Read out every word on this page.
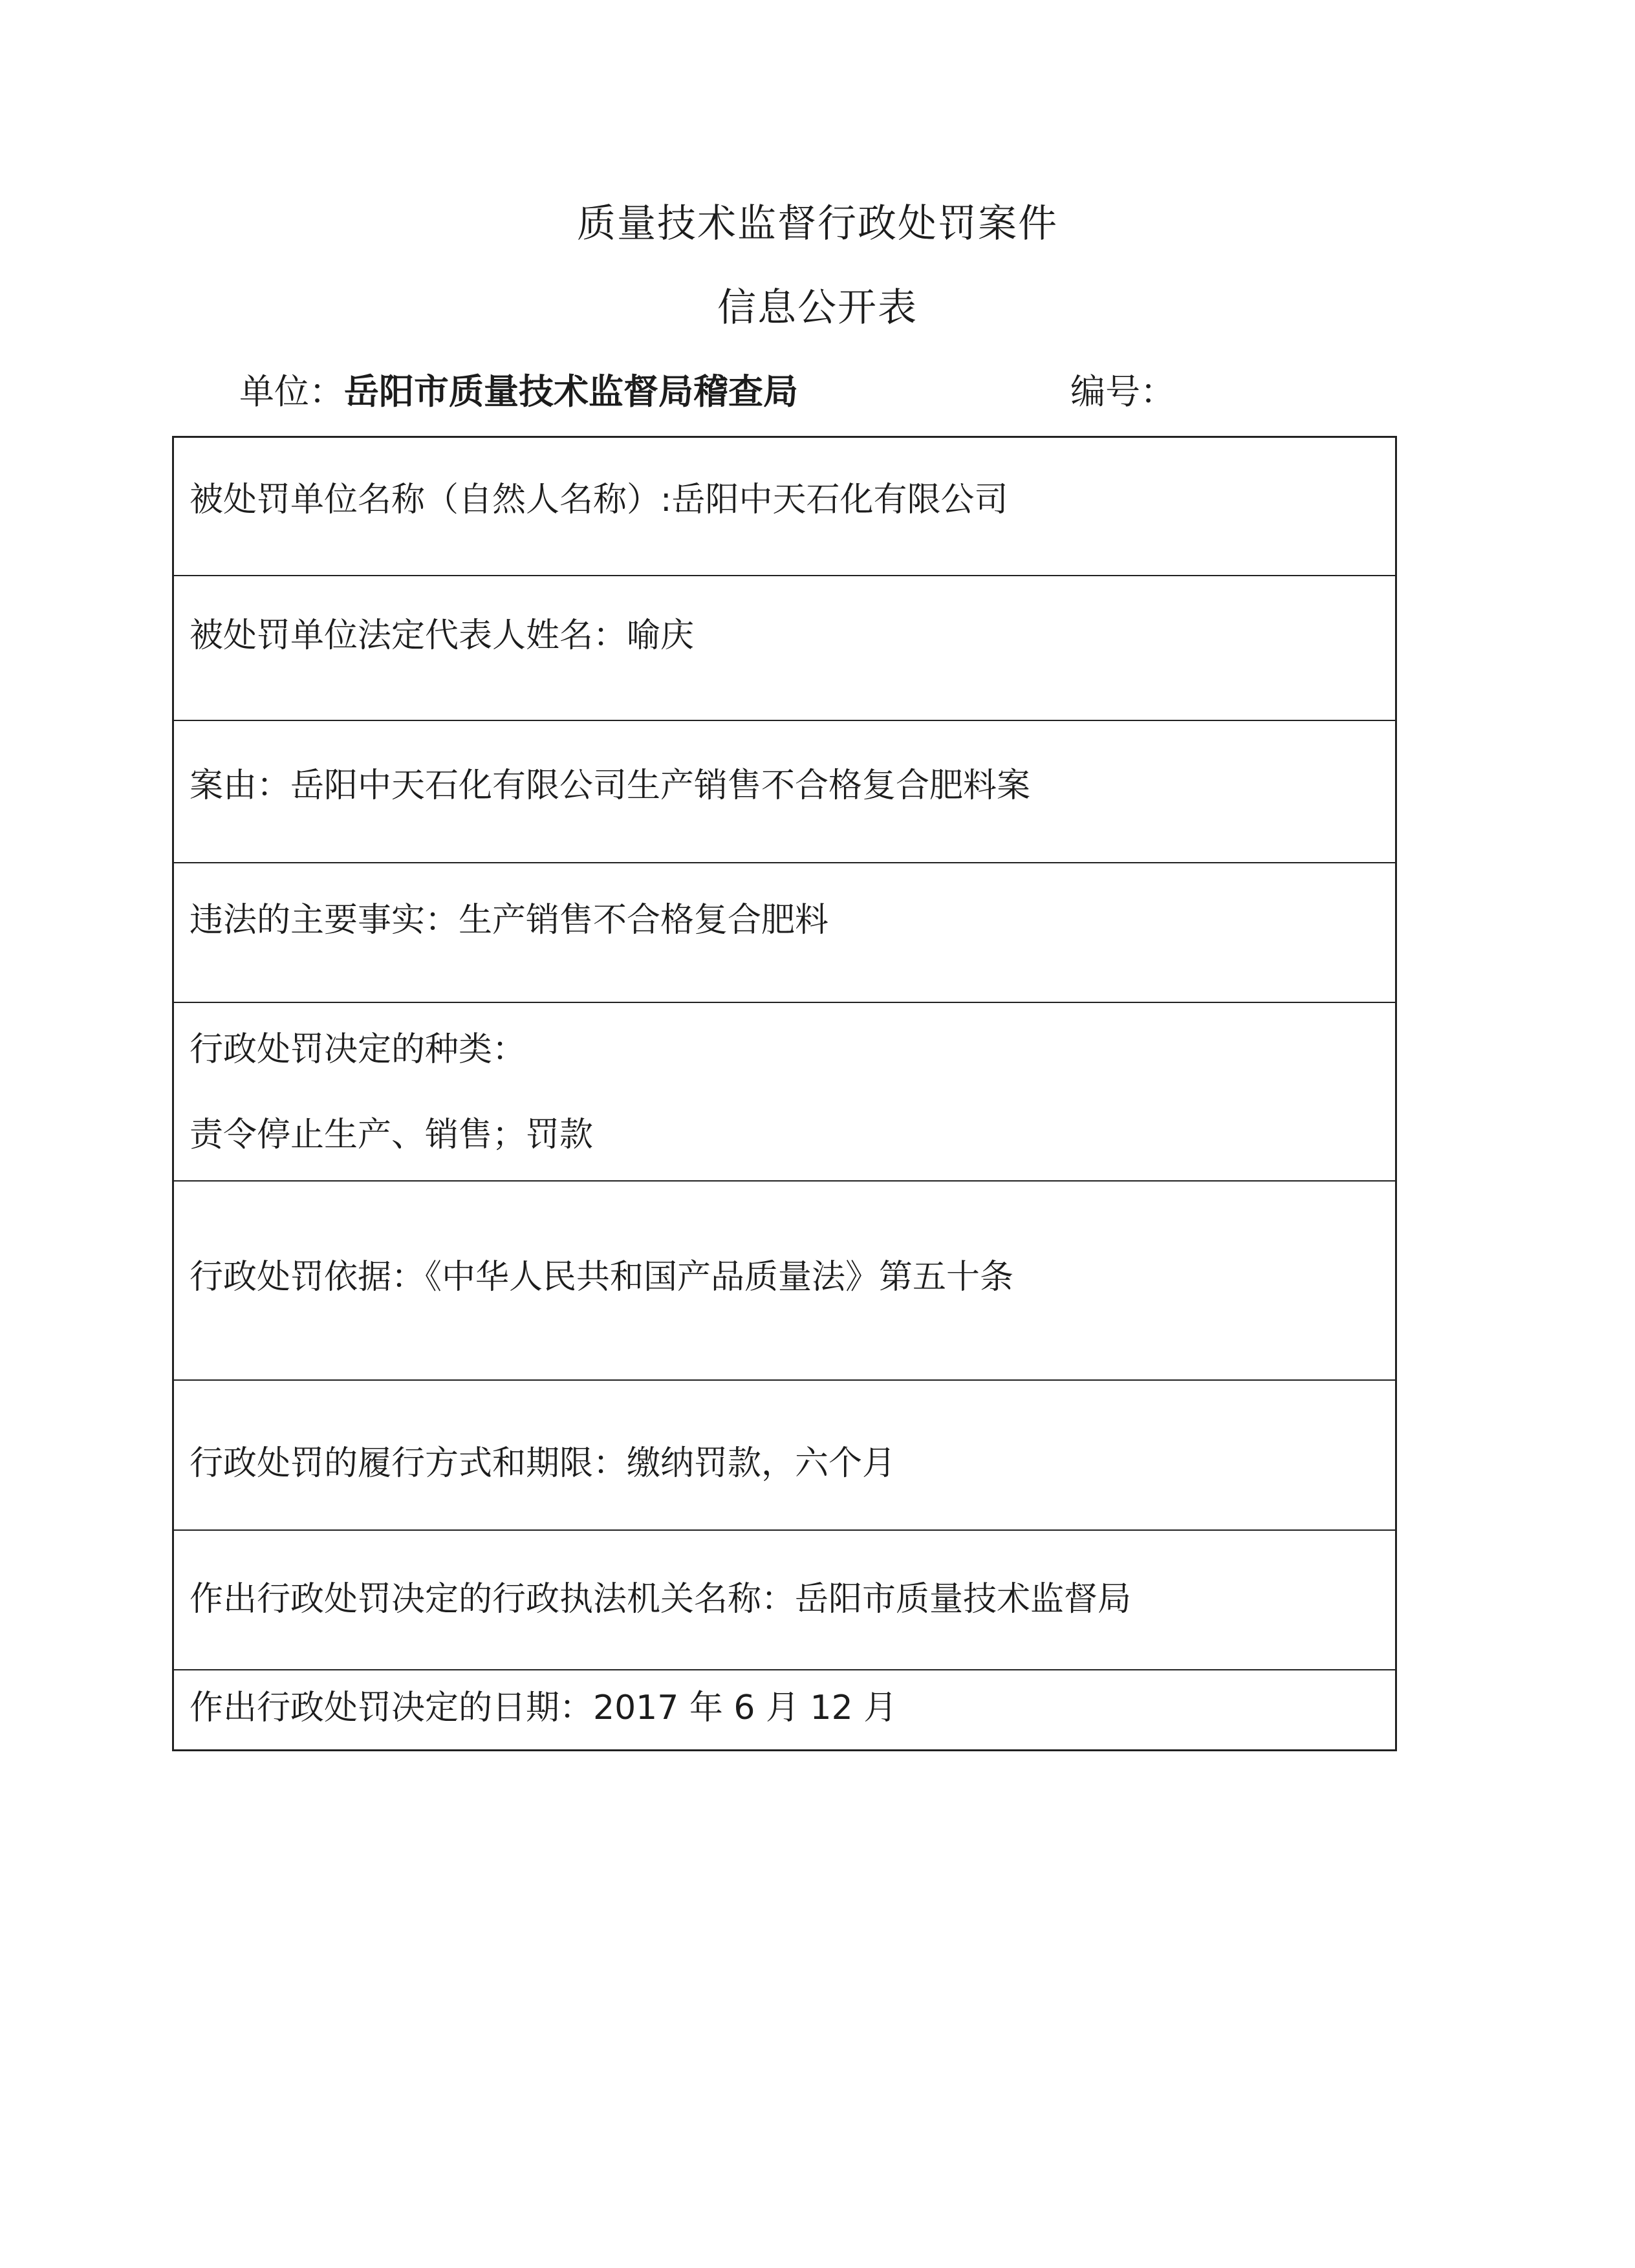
质量技术监督行政处罚案件
信息公开表
单位：岳阳市质量技术监督局稽查局	编号：
被处罚单位名称（自然人名称）:岳阳中天石化有限公司
被处罚单位法定代表人姓名：喻庆
案由：岳阳中天石化有限公司生产销售不合格复合肥料案
违法的主要事实：生产销售不合格复合肥料
行政处罚决定的种类：
责令停止生产、销售；罚款
行政处罚依据：《中华人民共和国产品质量法》第五十条
行政处罚的履行方式和期限：缴纳罚款，六个月
作出行政处罚决定的行政执法机关名称：岳阳市质量技术监督局
作出行政处罚决定的日期：2017 年 6 月 12 月
